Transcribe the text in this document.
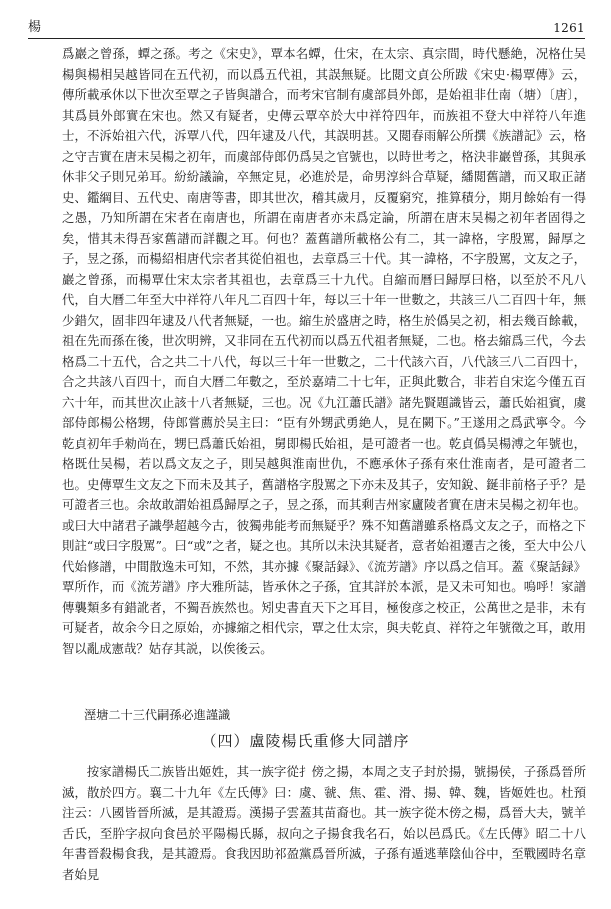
楊	1261

爲巖之曾孫，蟫之孫。考之《宋史》，覃本名蟫，仕宋，在太宗、真宗間，時代懸絶，况格仕吴楊與楊相吴越皆同在五代初，而以爲五代祖，其誤無疑。比閲文貞公所跋《宋史·楊覃傳》云，傳所載承休以下世次至覃之子皆與譜合，而考宋官制有虞部員外郎，是始祖非仕南（塘）〔唐〕，其爲員外郎實在宋也。然又有疑者，史傳云覃卒於大中祥符四年，而族祖不登大中祥符八年進士，不泝始祖六代，泝覃八代，四年逮及八代，其誤明甚。又閲春雨解公所撰《族譜記》云，格之守吉實在唐末吴楊之初年，而虞部侍郎仍爲吴之官號也，以時世考之，格決非巖曾孫，其與承休非父子則兄弟耳。紛紛議論，卒無定見，必進於是，命男淳紏合草疑，繙閲舊譜，而又取正諸史、鑑綱目、五代史、南唐等書，即其世次，稽其歲月，反覆窮究，推算積分，期月餘始有一得之愚，乃知所謂在宋者在南唐也，所謂在南唐者亦未爲定論，所謂在唐末吴楊之初年者固得之矣，惜其未得吾家舊譜而詳觀之耳。何也？蓋舊譜所載格公有二，其一諱格，字殷罵，歸厚之子，昱之孫，而楊紹相唐代宗者其從伯祖也，去章爲三十代。其一諱格，不字殷罵，文友之子，巖之曾孫，而楊覃仕宋太宗者其祖也，去章爲三十九代。自縮而曆曰歸厚曰格，以至於不凡八代，自大曆二年至大中祥符八年凡二百四十年，每以三十年一世數之，共該三八二百四十年，無少錯欠，固非四年逮及八代者無疑，一也。縮生於盛唐之時，格生於僞吴之初，相去幾百餘載，祖在先而孫在後，世次明辨，又非同在五代初而以爲五代祖者無疑，二也。格去縮爲三代，今去格爲二十五代，合之共二十八代，每以三十年一世數之，二十代該六百，八代該三八二百四十，合之共該八百四十，而自大曆二年數之，至於嘉靖二十七年，正與此數合，非若自宋迄今僅五百六十年，而其世次止該十八者無疑，三也。况《九江蕭氏譜》諸先賢題識皆云，蕭氏始祖賓，虞部侍郎楊公格甥，侍郎嘗薦於吴主曰：“臣有外甥武勇絶人，見在闕下。”王遂用之爲武寧令。今乾貞初年手勑尚在，甥巳爲蕭氏始祖，舅即楊氏始祖，是可證者一也。乾貞僞吴楊溥之年號也，格既仕吴楊，若以爲文友之子，則吴越與淮南世仇，不應承休子孫有來仕淮南者，是可證者二也。史傳覃生文友之下而未及其子，舊譜格字殷罵之下亦未及其子，安知銳、鋋非前格子乎？是可證者三也。余故敢謂始祖爲歸厚之子，昱之孫，而其剩吉州家廬陵者實在唐末吴楊之初年也。或曰大中諸君子識學超越今古，彼獨弗能考而無疑乎？殊不知舊譜雖系格爲文友之子，而格之下則註“或曰字殷罵”。曰“或”之者，疑之也。其所以未決其疑者，意者始祖遷吉之後，至大中公八代始修譜，中間散逸未可知，不然，其亦據《聚話録》、《流芳譜》序以爲之信耳。蓋《聚話録》覃所作，而《流芳譜》序大雅所誌，皆承休之子孫，宜其詳於本派，是又未可知也。嗚呼！家譜傳襲類多有錯訛者，不獨吾族然也。矧史書直天下之耳目，極俊彦之校正，公萬世之是非，未有可疑者，故余今日之原始，亦據縮之相代宗，覃之仕太宗，與夫乾貞、祥符之年號徵之耳，敢用智以亂成憲哉？姑存其説，以俟後云。

溼塘二十三代嗣孫必進謹識

（四）盧陵楊氏重修大同譜序

按家譜楊氏二族皆出姬姓，其一族字從扌傍之揚，本周之支子封於揚，號揚侯，子孫爲晉所滅，散於四方。襄二十九年《左氏傳》曰：虞、虢、焦、霍、滑、揚、韓、魏，皆姬姓也。杜預注云：八國皆晉所滅，是其證焉。漢揚子雲蓋其苗裔也。其一族字從木傍之楊，爲晉大夫，號羊舌氏，至肸字叔向食邑於平陽楊氏縣，叔向之子揚食我名石，始以邑爲氏。《左氏傳》昭二十八年書晉殺楊食我，是其證焉。食我因助祁盈黨爲晉所滅，子孫有遁逃華陰仙谷中，至戰國時名章者始見
